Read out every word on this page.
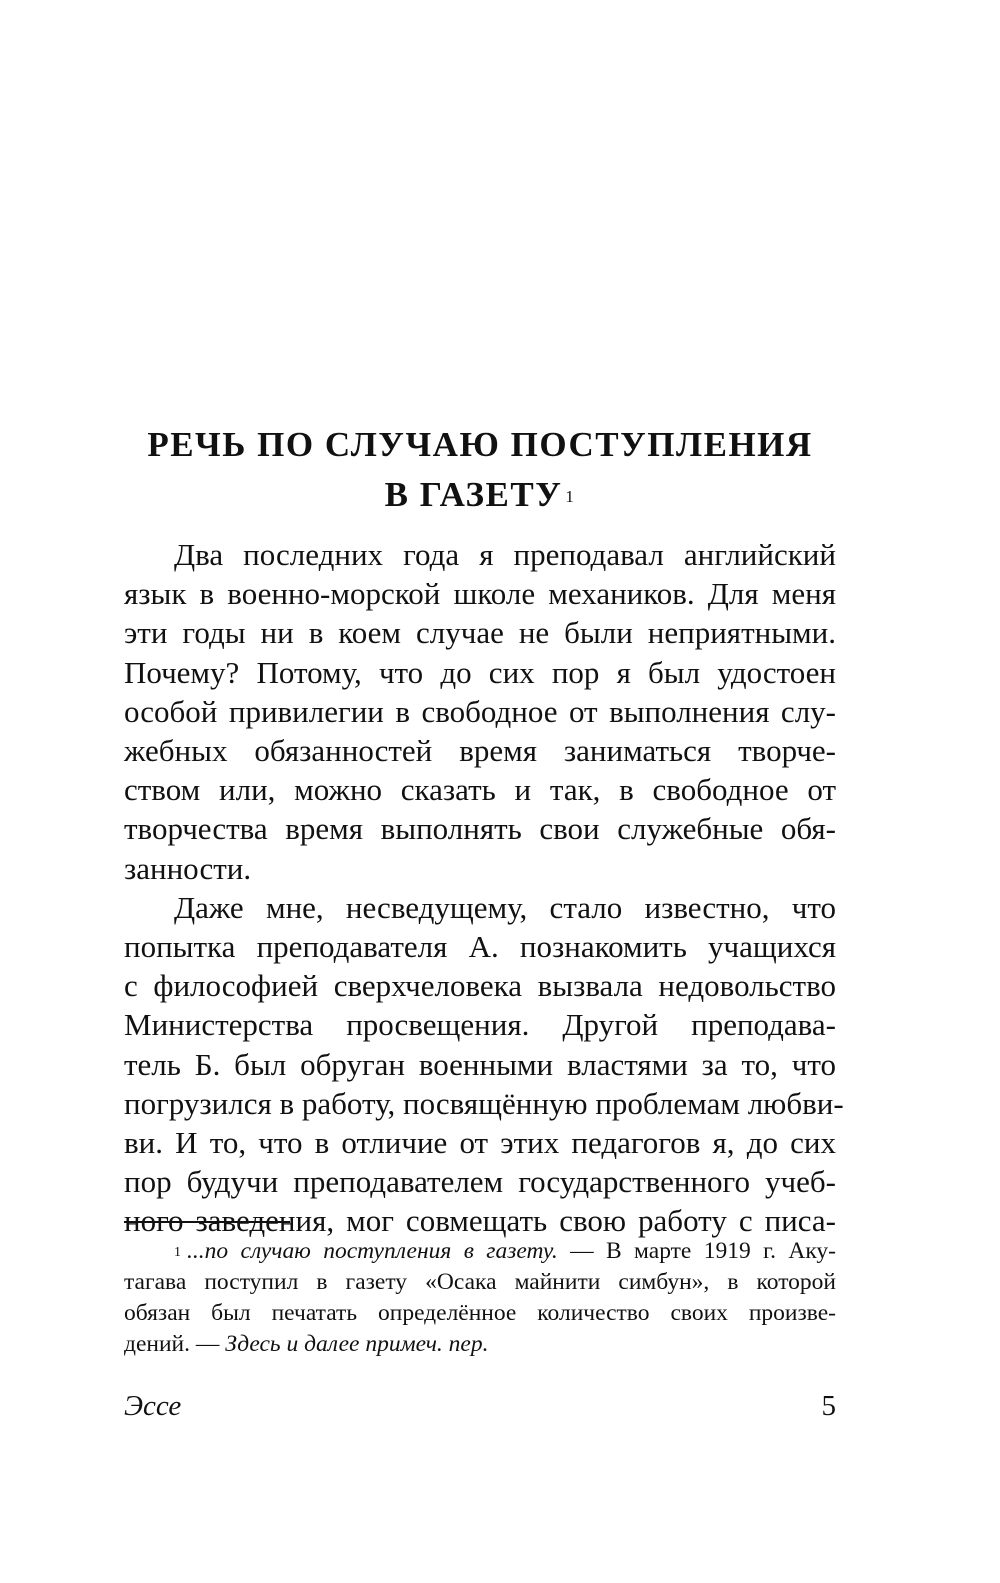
РЕЧЬ ПО СЛУЧАЮ ПОСТУПЛЕНИЯ
В ГАЗЕТУ $^1$
Два последних года я преподавал английский
язык в военно-морской школе механиков. Для меня
эти годы ни в коем случае не были неприятными.
Почему? Потому, что до сих пор я был удостоен
особой привилегии в свободное от выполнения слу-
жебных обязанностей время заниматься творче-
ством или, можно сказать и так, в свободное от
творчества время выполнять свои служебные обя-
занности.
Даже мне, несведущему, стало известно, что
попытка преподавателя А. познакомить учащихся
с философией сверхчеловека вызвала недовольство
Министерства просвещения. Другой преподава-
тель Б. был обруган военными властями за то, что
погрузился в работу, посвящённую проблемам любви-
ви. И то, что в отличие от этих педагогов я, до сих
пор будучи преподавателем государственного учеб-
ного заведения, мог совмещать свою работу с писа-
$^1$ ...по случаю поступления в газету. — В марте 1919 г. Аку-
тагава поступил в газету «Осака майнити симбун», в которой
обязан был печатать определённое количество своих произве-
дений. — Здесь и далее примеч. пер.
Эссе	5
